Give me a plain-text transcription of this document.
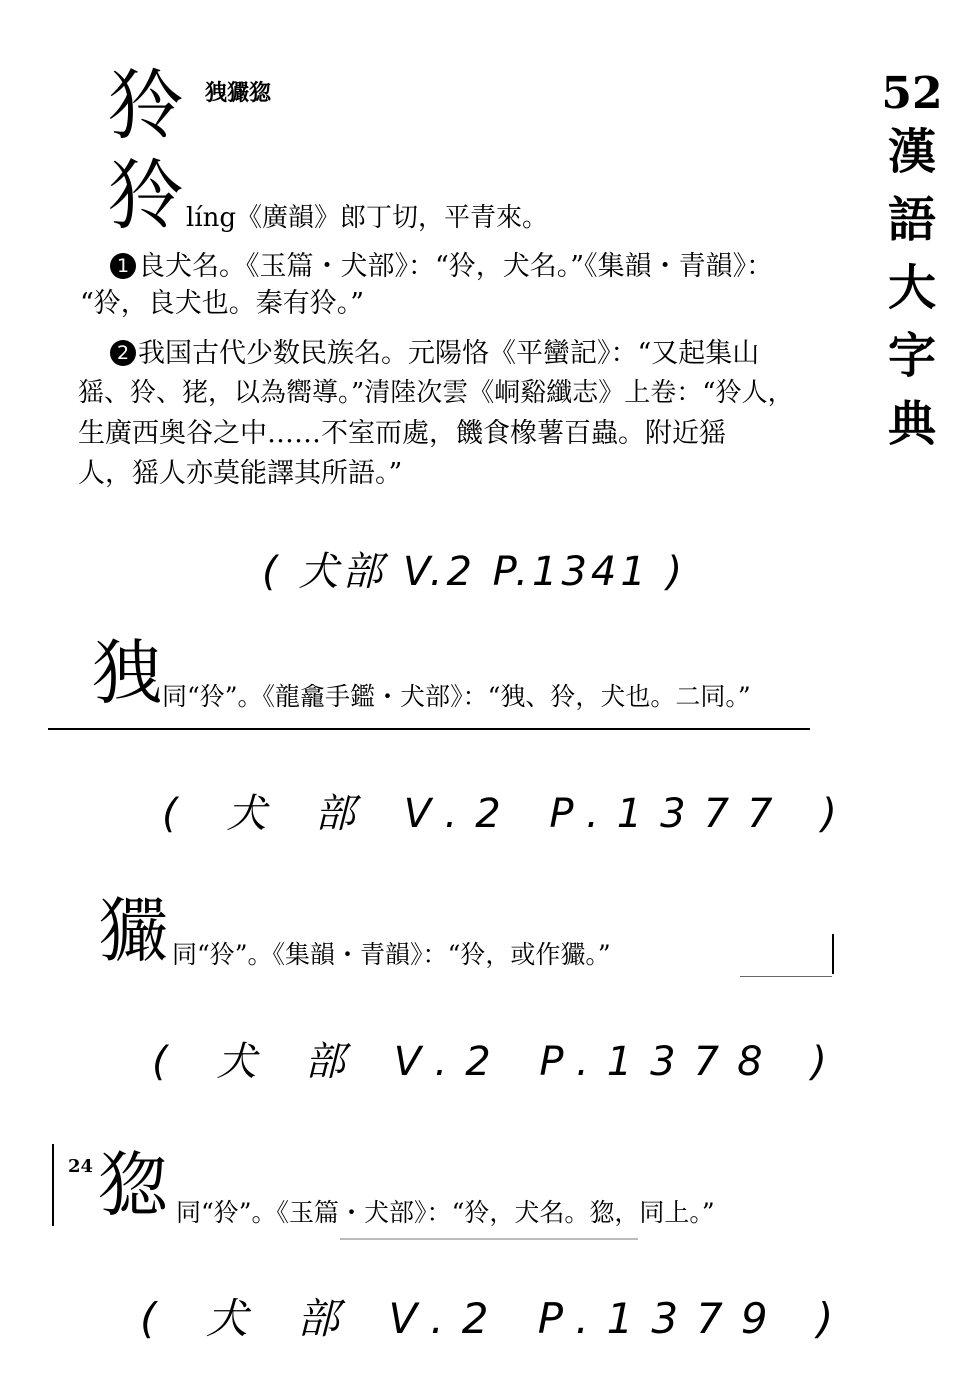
52
漢
語
大
字
典
狑 㹭玁㺀
狑 líng《廣韻》郎丁切，平青來。
1 良犬名。《玉篇・犬部》：“狑，犬名。”《集韻・青韻》：
“狑，良犬也。秦有狑。”
2 我国古代少数民族名。元陽恪《平蠻記》：“又起集山
猺、狑、狫，以為嚮導。”清陸次雲《峒谿纖志》上卷：“狑人，
生廣西奥谷之中……不室而處，饑食橡薯百蟲。附近猺
人，猺人亦莫能譯其所語。”
( 犬部 V.2 P.1341 )
㹭 同“狑”。《龍龕手鑑・犬部》：“㹭、狑，犬也。二同。”
( 犬 部 V.2 P.1377 )
玁 同“狑”。《集韻・青韻》：“狑，或作玁。”
( 犬 部 V.2 P.1378 )
24 㺀 同“狑”。《玉篇・犬部》：“狑，犬名。㺀，同上。”
( 犬 部 V.2 P.1379 )
